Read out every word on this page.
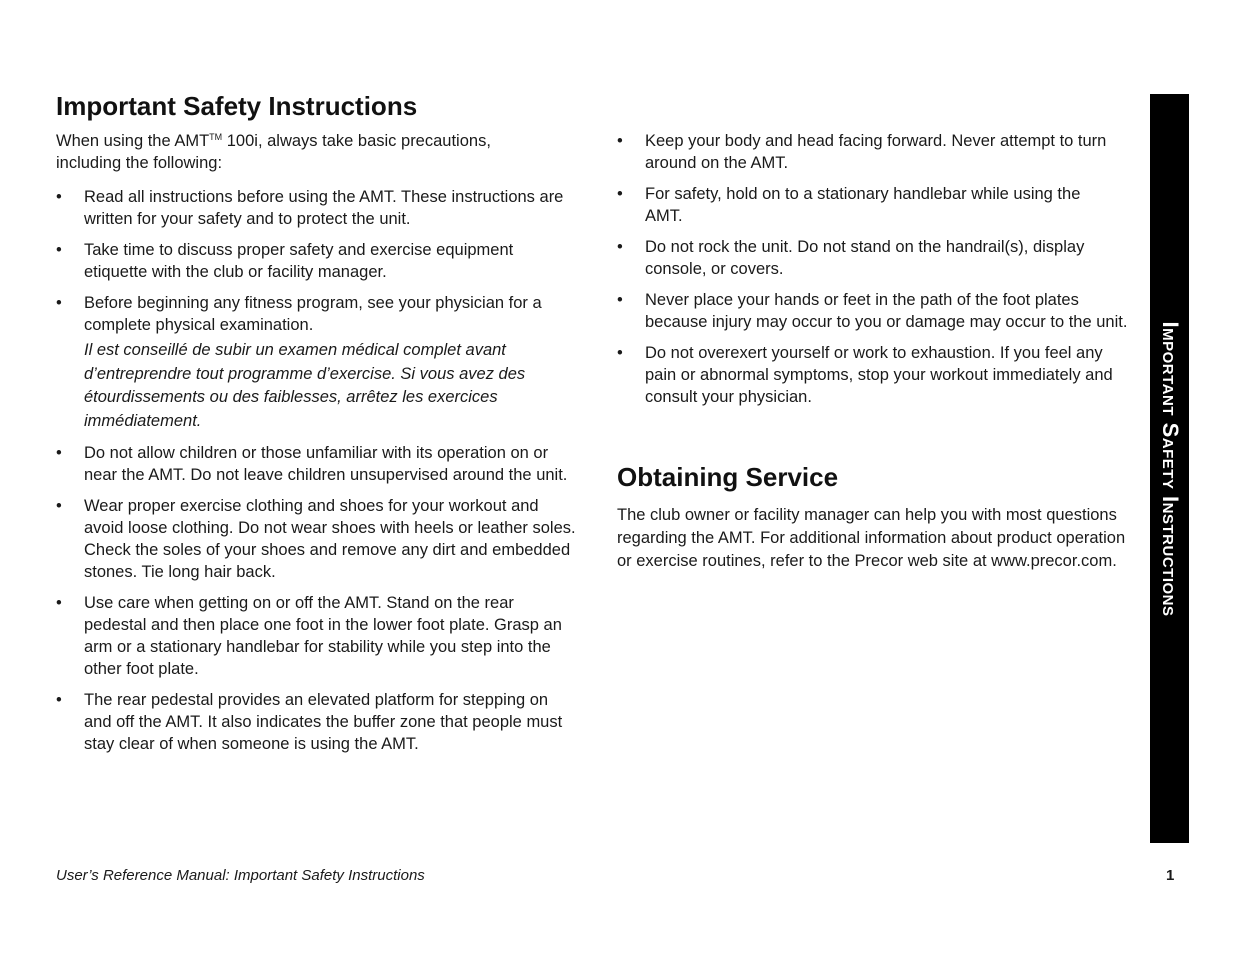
Important Safety Instructions
When using the AMT™ 100i, always take basic precautions, including the following:
•	Read all instructions before using the AMT. These instructions are written for your safety and to protect the unit.
•	Take time to discuss proper safety and exercise equipment etiquette with the club or facility manager.
•	Before beginning any fitness program, see your physician for a complete physical examination.
Il est conseillé de subir un examen médical complet avant d’entreprendre tout programme d’exercise. Si vous avez des étourdissements ou des faiblesses, arrêtez les exercices immédiatement.
•	Do not allow children or those unfamiliar with its operation on or near the AMT. Do not leave children unsupervised around the unit.
•	Wear proper exercise clothing and shoes for your workout and avoid loose clothing. Do not wear shoes with heels or leather soles. Check the soles of your shoes and remove any dirt and embedded stones. Tie long hair back.
•	Use care when getting on or off the AMT. Stand on the rear pedestal and then place one foot in the lower foot plate. Grasp an arm or a stationary handlebar for stability while you step into the other foot plate.
•	The rear pedestal provides an elevated platform for stepping on and off the AMT. It also indicates the buffer zone that people must stay clear of when someone is using the AMT.
•	Keep your body and head facing forward. Never attempt to turn around on the AMT.
•	For safety, hold on to a stationary handlebar while using the AMT.
•	Do not rock the unit. Do not stand on the handrail(s), display console, or covers.
•	Never place your hands or feet in the path of the foot plates because injury may occur to you or damage may occur to the unit.
•	Do not overexert yourself or work to exhaustion. If you feel any pain or abnormal symptoms, stop your workout immediately and consult your physician.
Obtaining Service

The club owner or facility manager can help you with most questions regarding the AMT. For additional information about product operation or exercise routines, refer to the Precor web site at www.precor.com.	Important Safety Instructions
User’s Reference Manual: Important Safety Instructions	1
